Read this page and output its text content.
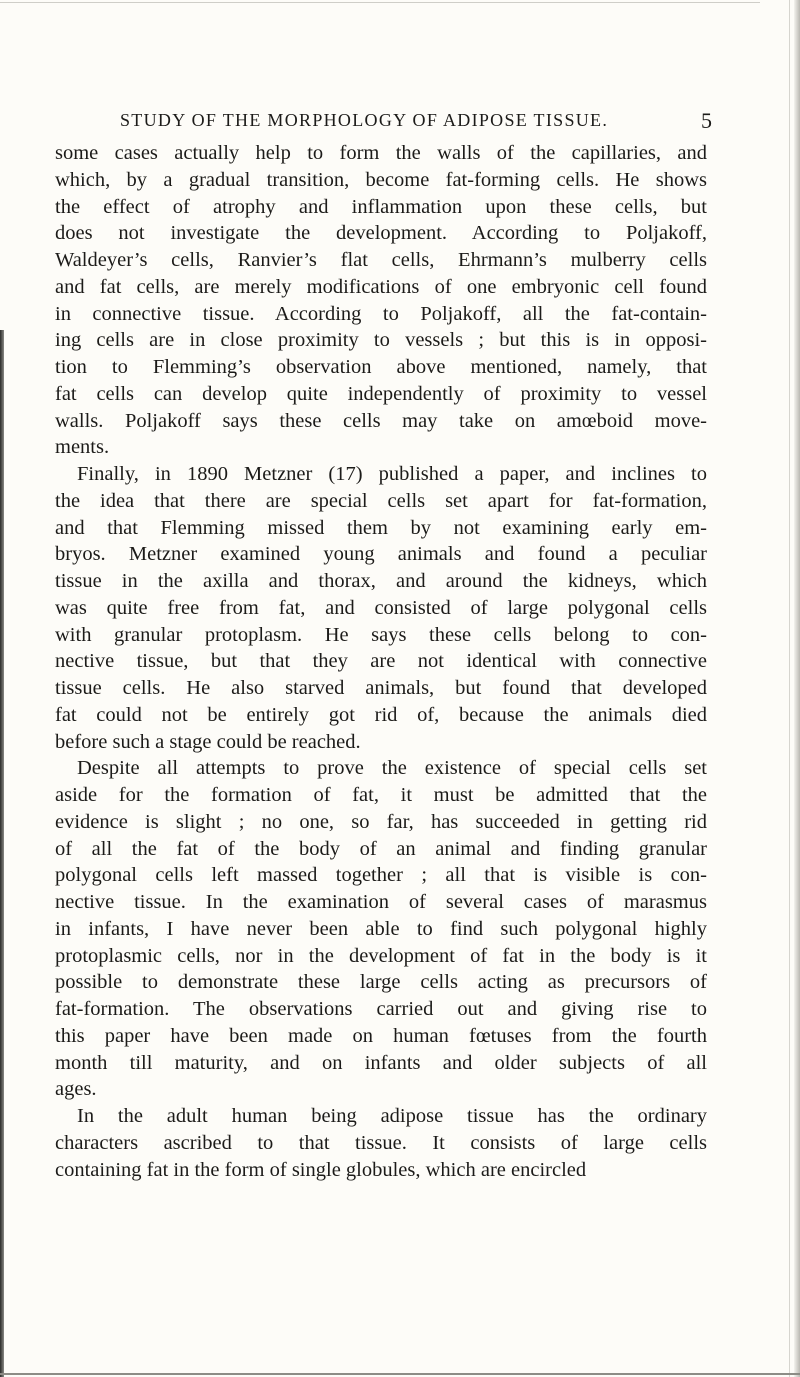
STUDY OF THE MORPHOLOGY OF ADIPOSE TISSUE.	5
some cases actually help to form the walls of the capillaries, and
which, by a gradual transition, become fat-forming cells. He shows
the effect of atrophy and inflammation upon these cells, but
does not investigate the development. According to Poljakoff,
Waldeyer’s cells, Ranvier’s flat cells, Ehrmann’s mulberry cells
and fat cells, are merely modifications of one embryonic cell found
in connective tissue. According to Poljakoff, all the fat-contain-
ing cells are in close proximity to vessels ; but this is in opposi-
tion to Flemming’s observation above mentioned, namely, that
fat cells can develop quite independently of proximity to vessel
walls. Poljakoff says these cells may take on amœboid move-
ments.
Finally, in 1890 Metzner (17) published a paper, and inclines to
the idea that there are special cells set apart for fat-formation,
and that Flemming missed them by not examining early em-
bryos. Metzner examined young animals and found a peculiar
tissue in the axilla and thorax, and around the kidneys, which
was quite free from fat, and consisted of large polygonal cells
with granular protoplasm. He says these cells belong to con-
nective tissue, but that they are not identical with connective
tissue cells. He also starved animals, but found that developed
fat could not be entirely got rid of, because the animals died
before such a stage could be reached.
Despite all attempts to prove the existence of special cells set
aside for the formation of fat, it must be admitted that the
evidence is slight ; no one, so far, has succeeded in getting rid
of all the fat of the body of an animal and finding granular
polygonal cells left massed together ; all that is visible is con-
nective tissue. In the examination of several cases of marasmus
in infants, I have never been able to find such polygonal highly
protoplasmic cells, nor in the development of fat in the body is it
possible to demonstrate these large cells acting as precursors of
fat-formation. The observations carried out and giving rise to
this paper have been made on human fœtuses from the fourth
month till maturity, and on infants and older subjects of all
ages.
In the adult human being adipose tissue has the ordinary
characters ascribed to that tissue. It consists of large cells
containing fat in the form of single globules, which are encircled
